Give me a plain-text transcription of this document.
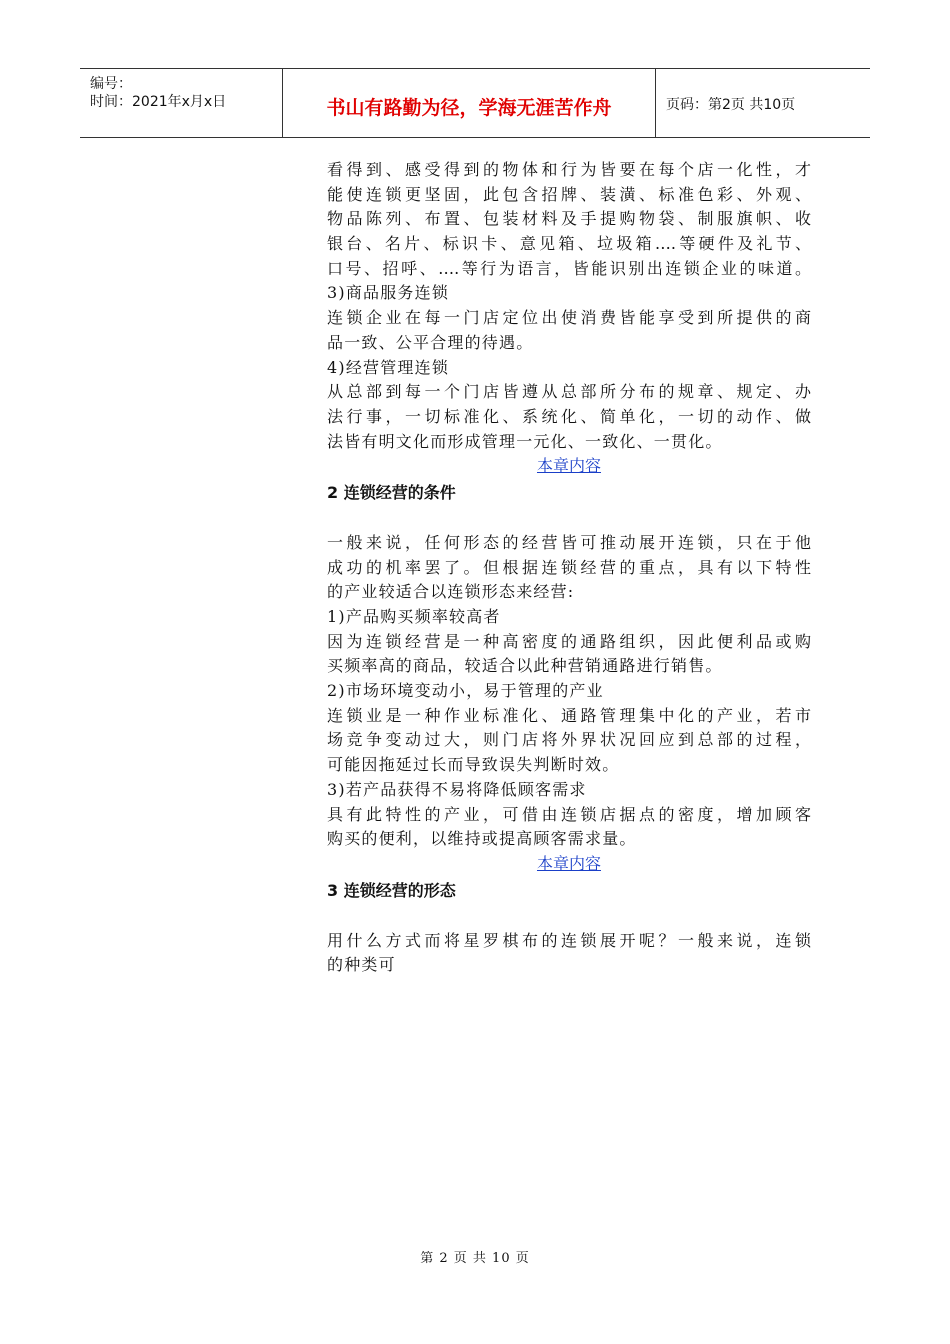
编号：
时间：2021年x月x日	书山有路勤为径，学海无涯苦作舟	页码：第2页 共10页

看得到、感受得到的物体和行为皆要在每个店一化性，才

能使连锁更坚固，此包含招牌、装潢、标准色彩、外观、

物品陈列、布置、包装材料及手提购物袋、制服旗帜、收

银台、名片、标识卡、意见箱、垃圾箱….等硬件及礼节、

口号、招呼、….等行为语言，皆能识别出连锁企业的味道。

3)商品服务连锁

连锁企业在每一门店定位出使消费皆能享受到所提供的商

品一致、公平合理的待遇。

4)经营管理连锁

从总部到每一个门店皆遵从总部所分布的规章、规定、办

法行事，一切标准化、系统化、简单化，一切的动作、做

法皆有明文化而形成管理一元化、一致化、一贯化。

本章内容
2 连锁经营的条件

一般来说，任何形态的经营皆可推动展开连锁，只在于他

成功的机率罢了。但根据连锁经营的重点，具有以下特性

的产业较适合以连锁形态来经营:

1)产品购买频率较高者

因为连锁经营是一种高密度的通路组织，因此便利品或购

买频率高的商品，较适合以此种营销通路进行销售。

2)市场环境变动小，易于管理的产业

连锁业是一种作业标准化、通路管理集中化的产业，若市

场竞争变动过大，则门店将外界状况回应到总部的过程，

可能因拖延过长而导致误失判断时效。

3)若产品获得不易将降低顾客需求

具有此特性的产业，可借由连锁店据点的密度，增加顾客

购买的便利，以维持或提高顾客需求量。

本章内容
3 连锁经营的形态

用什么方式而将星罗棋布的连锁展开呢？一般来说，连锁

的种类可

第 2 页 共 10 页
